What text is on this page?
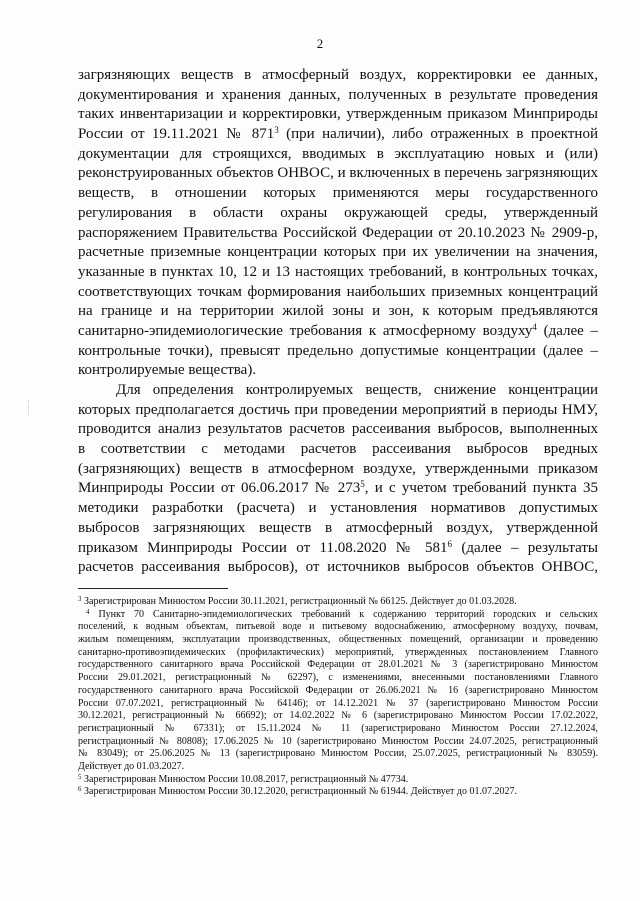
2
загрязняющих веществ в атмосферный воздух, корректировки ее данных,
документирования и хранения данных, полученных в результате проведения
таких инвентаризации и корректировки, утвержденным приказом Минприроды
России от 19.11.2021 № $871^3$ (при наличии), либо отраженных в проектной
документации для строящихся, вводимых в эксплуатацию новых и (или)
реконструированных объектов ОНВОС, и включенных в перечень загрязняющих
веществ, в отношении которых применяются меры государственного
регулирования в области охраны окружающей среды, утвержденный
распоряжением Правительства Российской Федерации от 20.10.2023 № 2909-р,
расчетные приземные концентрации которых при их увеличении на значения,
указанные в пунктах 10, 12 и 13 настоящих требований, в контрольных точках,
соответствующих точкам формирования наибольших приземных концентраций
на границе и на территории жилой зоны и зон, к которым предъявляются
санитарно-эпидемиологические требования к атмосферному воздуху$^4$ (далее –
контрольные точки), превысят предельно допустимые концентрации (далее –
контролируемые вещества).
Для определения контролируемых веществ, снижение концентрации
которых предполагается достичь при проведении мероприятий в периоды НМУ,
проводится анализ результатов расчетов рассеивания выбросов, выполненных
в соответствии с методами расчетов рассеивания выбросов вредных
(загрязняющих) веществ в атмосферном воздухе, утвержденными приказом
Минприроды России от 06.06.2017 № $273^5$, и с учетом требований пункта 35
методики разработки (расчета) и установления нормативов допустимых
выбросов загрязняющих веществ в атмосферный воздух, утвержденной
приказом Минприроды России от 11.08.2020 № $581^6$ (далее – результаты
расчетов рассеивания выбросов), от источников выбросов объектов ОНВОС,
$^3$ Зарегистрирован Минюстом России 30.11.2021, регистрационный № 66125. Действует до 01.03.2028.
$^4$ Пункт 70 Санитарно-эпидемиологических требований к содержанию территорий городских и сельских
поселений, к водным объектам, питьевой воде и питьевому водоснабжению, атмосферному воздуху, почвам,
жилым помещениям, эксплуатации производственных, общественных помещений, организации и проведению
санитарно-противоэпидемических (профилактических) мероприятий, утвержденных постановлением Главного
государственного санитарного врача Российской Федерации от 28.01.2021 № 3 (зарегистрировано Минюстом
России 29.01.2021, регистрационный № 62297), с изменениями, внесенными постановлениями Главного
государственного санитарного врача Российской Федерации от 26.06.2021 № 16 (зарегистрировано Минюстом
России 07.07.2021, регистрационный № 64146); от 14.12.2021 № 37 (зарегистрировано Минюстом России
30.12.2021, регистрационный № 66692); от 14.02.2022 № 6 (зарегистрировано Минюстом России 17.02.2022,
регистрационный № 67331); от 15.11.2024 № 11 (зарегистрировано Минюстом России 27.12.2024,
регистрационный № 80808); 17.06.2025 № 10 (зарегистрировано Минюстом России 24.07.2025, регистрационный
№ 83049); от 25.06.2025 № 13 (зарегистрировано Минюстом России, 25.07.2025, регистрационный № 83059).
Действует до 01.03.2027.
$^5$ Зарегистрирован Минюстом России 10.08.2017, регистрационный № 47734.
$^6$ Зарегистрирован Минюстом России 30.12.2020, регистрационный № 61944. Действует до 01.07.2027.
